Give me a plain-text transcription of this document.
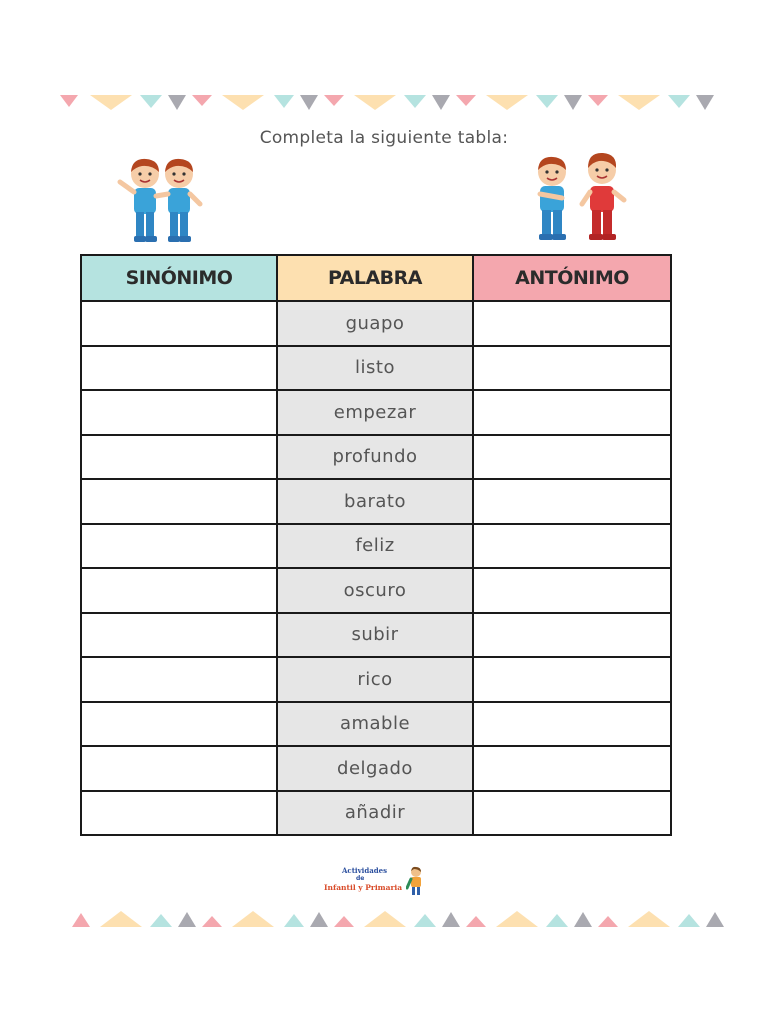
Completa la siguiente tabla:
SINÓNIMO	PALABRA	ANTÓNIMO
	guapo	
	listo	
	empezar	
	profundo	
	barato	
	feliz	
	oscuro	
	subir	
	rico	
	amable	
	delgado	
	añadir	
Actividades
de
Infantil y Primaria
